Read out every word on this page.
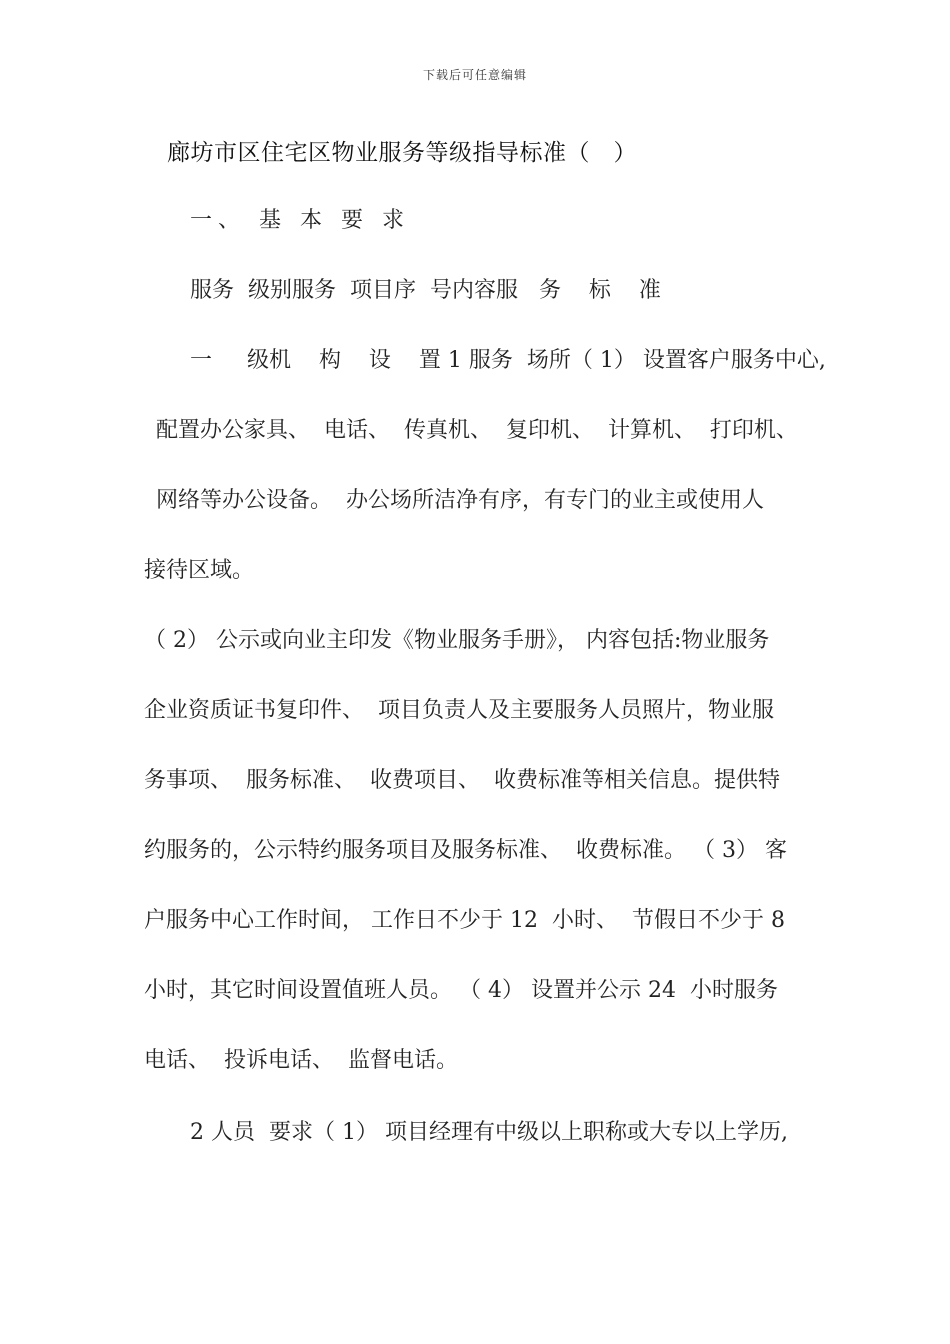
下载后可任意编辑
廊坊市区住宅区物业服务等级指导标准（　）
一、 基 本 要 求
服务  级别服务  项目序  号内容服   务    标    准
一     级机    构    设    置 1 服务  场所（ 1） 设置客户服务中心,
配置办公家具、  电话、  传真机、  复印机、  计算机、  打印机、
网络等办公设备。  办公场所洁净有序，有专门的业主或使用人
接待区域。
（ 2） 公示或向业主印发《物业服务手册》， 内容包括:物业服务
企业资质证书复印件、  项目负责人及主要服务人员照片，物业服
务事项、  服务标准、  收费项目、  收费标准等相关信息。提供特
约服务的，公示特约服务项目及服务标准、  收费标准。 （ 3） 客
户服务中心工作时间， 工作日不少于 12  小时、  节假日不少于 8
小时，其它时间设置值班人员。 （ 4） 设置并公示 24  小时服务
电话、  投诉电话、  监督电话。
2 人员  要求（ 1） 项目经理有中级以上职称或大专以上学历,
